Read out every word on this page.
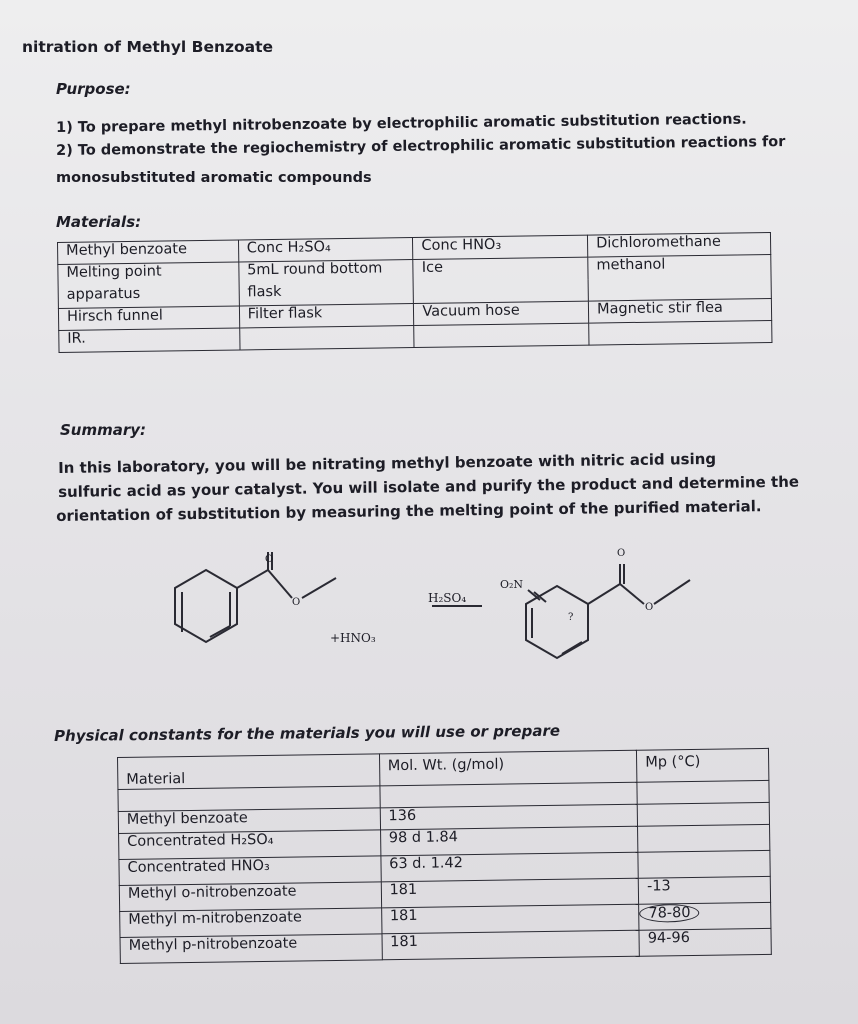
nitration of Methyl Benzoate
Purpose:
1) To prepare methyl nitrobenzoate by electrophilic aromatic substitution reactions.
2) To demonstrate the regiochemistry of electrophilic aromatic substitution reactions for
monosubstituted aromatic compounds
Materials:
Methyl benzoate	Conc H₂SO₄	Conc HNO₃	Dichloromethane
Melting point	5mL round bottom	Ice	methanol
apparatus	flask		
Hirsch funnel	Filter flask	Vacuum hose	Magnetic stir flea
IR.			
Summary:
In this laboratory, you will be nitrating methyl benzoate with nitric acid using
sulfuric acid as your catalyst. You will isolate and purify the product and determine the
orientation of substitution by measuring the melting point of the purified material.
O
O
+HNO₃
H₂SO₄
O₂N
O
O
?
Physical constants for the materials you will use or prepare
Material	Mol. Wt. (g/mol)	Mp (°C)

Methyl benzoate	136	
Concentrated H₂SO₄	98 d 1.84	
Concentrated HNO₃	63 d. 1.42	
Methyl o-nitrobenzoate	181	-13
Methyl m-nitrobenzoate	181	78-80
Methyl p-nitrobenzoate	181	94-96
